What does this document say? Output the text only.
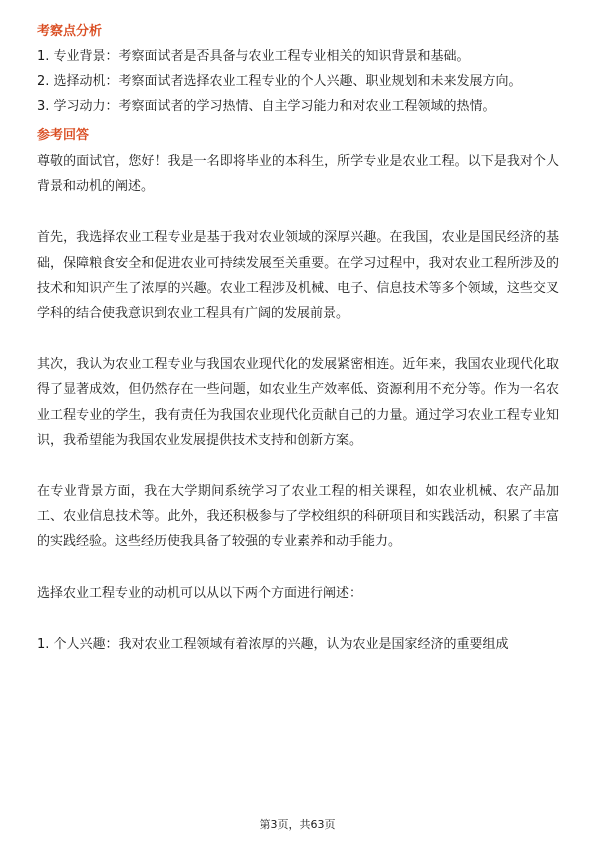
考察点分析

1. 专业背景：考察面试者是否具备与农业工程专业相关的知识背景和基础。

2. 选择动机：考察面试者选择农业工程专业的个人兴趣、职业规划和未来发展方向。

3. 学习动力：考察面试者的学习热情、自主学习能力和对农业工程领域的热情。

参考回答

尊敬的面试官，您好！我是一名即将毕业的本科生，所学专业是农业工程。以下是我对个人背景和动机的阐述。

首先，我选择农业工程专业是基于我对农业领域的深厚兴趣。在我国，农业是国民经济的基础，保障粮食安全和促进农业可持续发展至关重要。在学习过程中，我对农业工程所涉及的技术和知识产生了浓厚的兴趣。农业工程涉及机械、电子、信息技术等多个领域，这些交叉学科的结合使我意识到农业工程具有广阔的发展前景。

其次，我认为农业工程专业与我国农业现代化的发展紧密相连。近年来，我国农业现代化取得了显著成效，但仍然存在一些问题，如农业生产效率低、资源利用不充分等。作为一名农业工程专业的学生，我有责任为我国农业现代化贡献自己的力量。通过学习农业工程专业知识，我希望能为我国农业发展提供技术支持和创新方案。

在专业背景方面，我在大学期间系统学习了农业工程的相关课程，如农业机械、农产品加工、农业信息技术等。此外，我还积极参与了学校组织的科研项目和实践活动，积累了丰富的实践经验。这些经历使我具备了较强的专业素养和动手能力。

选择农业工程专业的动机可以从以下两个方面进行阐述：

1. 个人兴趣：我对农业工程领域有着浓厚的兴趣，认为农业是国家经济的重要组成

第3页，共63页
